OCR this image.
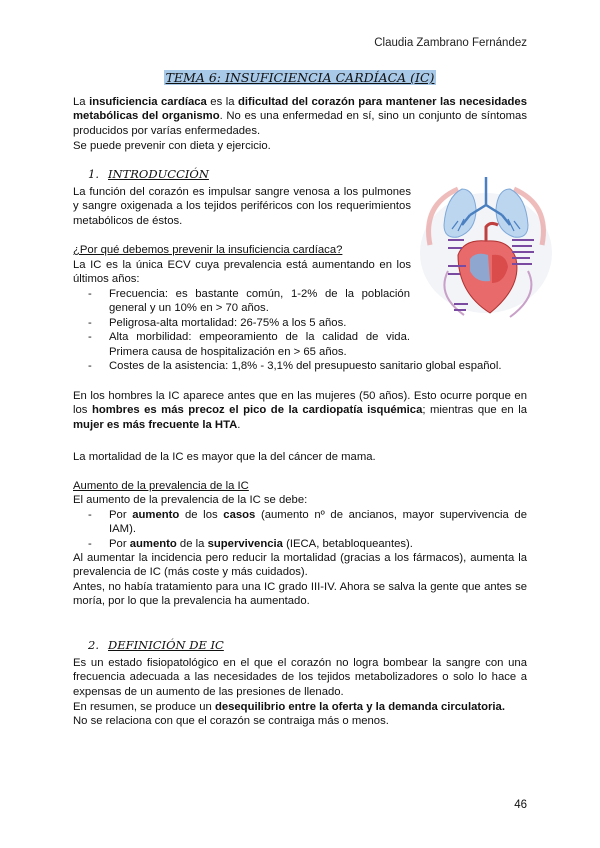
Claudia Zambrano Fernández
TEMA 6: INSUFICIENCIA CARDÍACA (IC)
La insuficiencia cardíaca es la dificultad del corazón para mantener las necesidades metabólicas del organismo. No es una enfermedad en sí, sino un conjunto de síntomas producidos por varías enfermedades.
Se puede prevenir con dieta y ejercicio.
1. INTRODUCCIÓN
La función del corazón es impulsar sangre venosa a los pulmones y sangre oxigenada a los tejidos periféricos con los requerimientos metabólicos de éstos.
¿Por qué debemos prevenir la insuficiencia cardíaca?
La IC es la única ECV cuya prevalencia está aumentando en los últimos años:
- Frecuencia: es bastante común, 1-2% de la población general y un 10% en > 70 años.
- Peligrosa-alta mortalidad: 26-75% a los 5 años.
- Alta morbilidad: empeoramiento de la calidad de vida. Primera causa de hospitalización en > 65 años.
- Costes de la asistencia: 1,8% - 3,1% del presupuesto sanitario global español.
En los hombres la IC aparece antes que en las mujeres (50 años). Esto ocurre porque en los hombres es más precoz el pico de la cardiopatía isquémica; mientras que en la mujer es más frecuente la HTA.
La mortalidad de la IC es mayor que la del cáncer de mama.
Aumento de la prevalencia de la IC
El aumento de la prevalencia de la IC se debe:
- Por aumento de los casos (aumento nº de ancianos, mayor supervivencia de IAM).
- Por aumento de la supervivencia (IECA, betabloqueantes).
Al aumentar la incidencia pero reducir la mortalidad (gracias a los fármacos), aumenta la prevalencia de IC (más coste y más cuidados).
Antes, no había tratamiento para una IC grado III-IV. Ahora se salva la gente que antes se moría, por lo que la prevalencia ha aumentado.
2. DEFINICIÓN DE IC
Es un estado fisiopatológico en el que el corazón no logra bombear la sangre con una frecuencia adecuada a las necesidades de los tejidos metabolizadores o solo lo hace a expensas de un aumento de las presiones de llenado.
En resumen, se produce un desequilibrio entre la oferta y la demanda circulatoria.
No se relaciona con que el corazón se contraiga más o menos.
46
